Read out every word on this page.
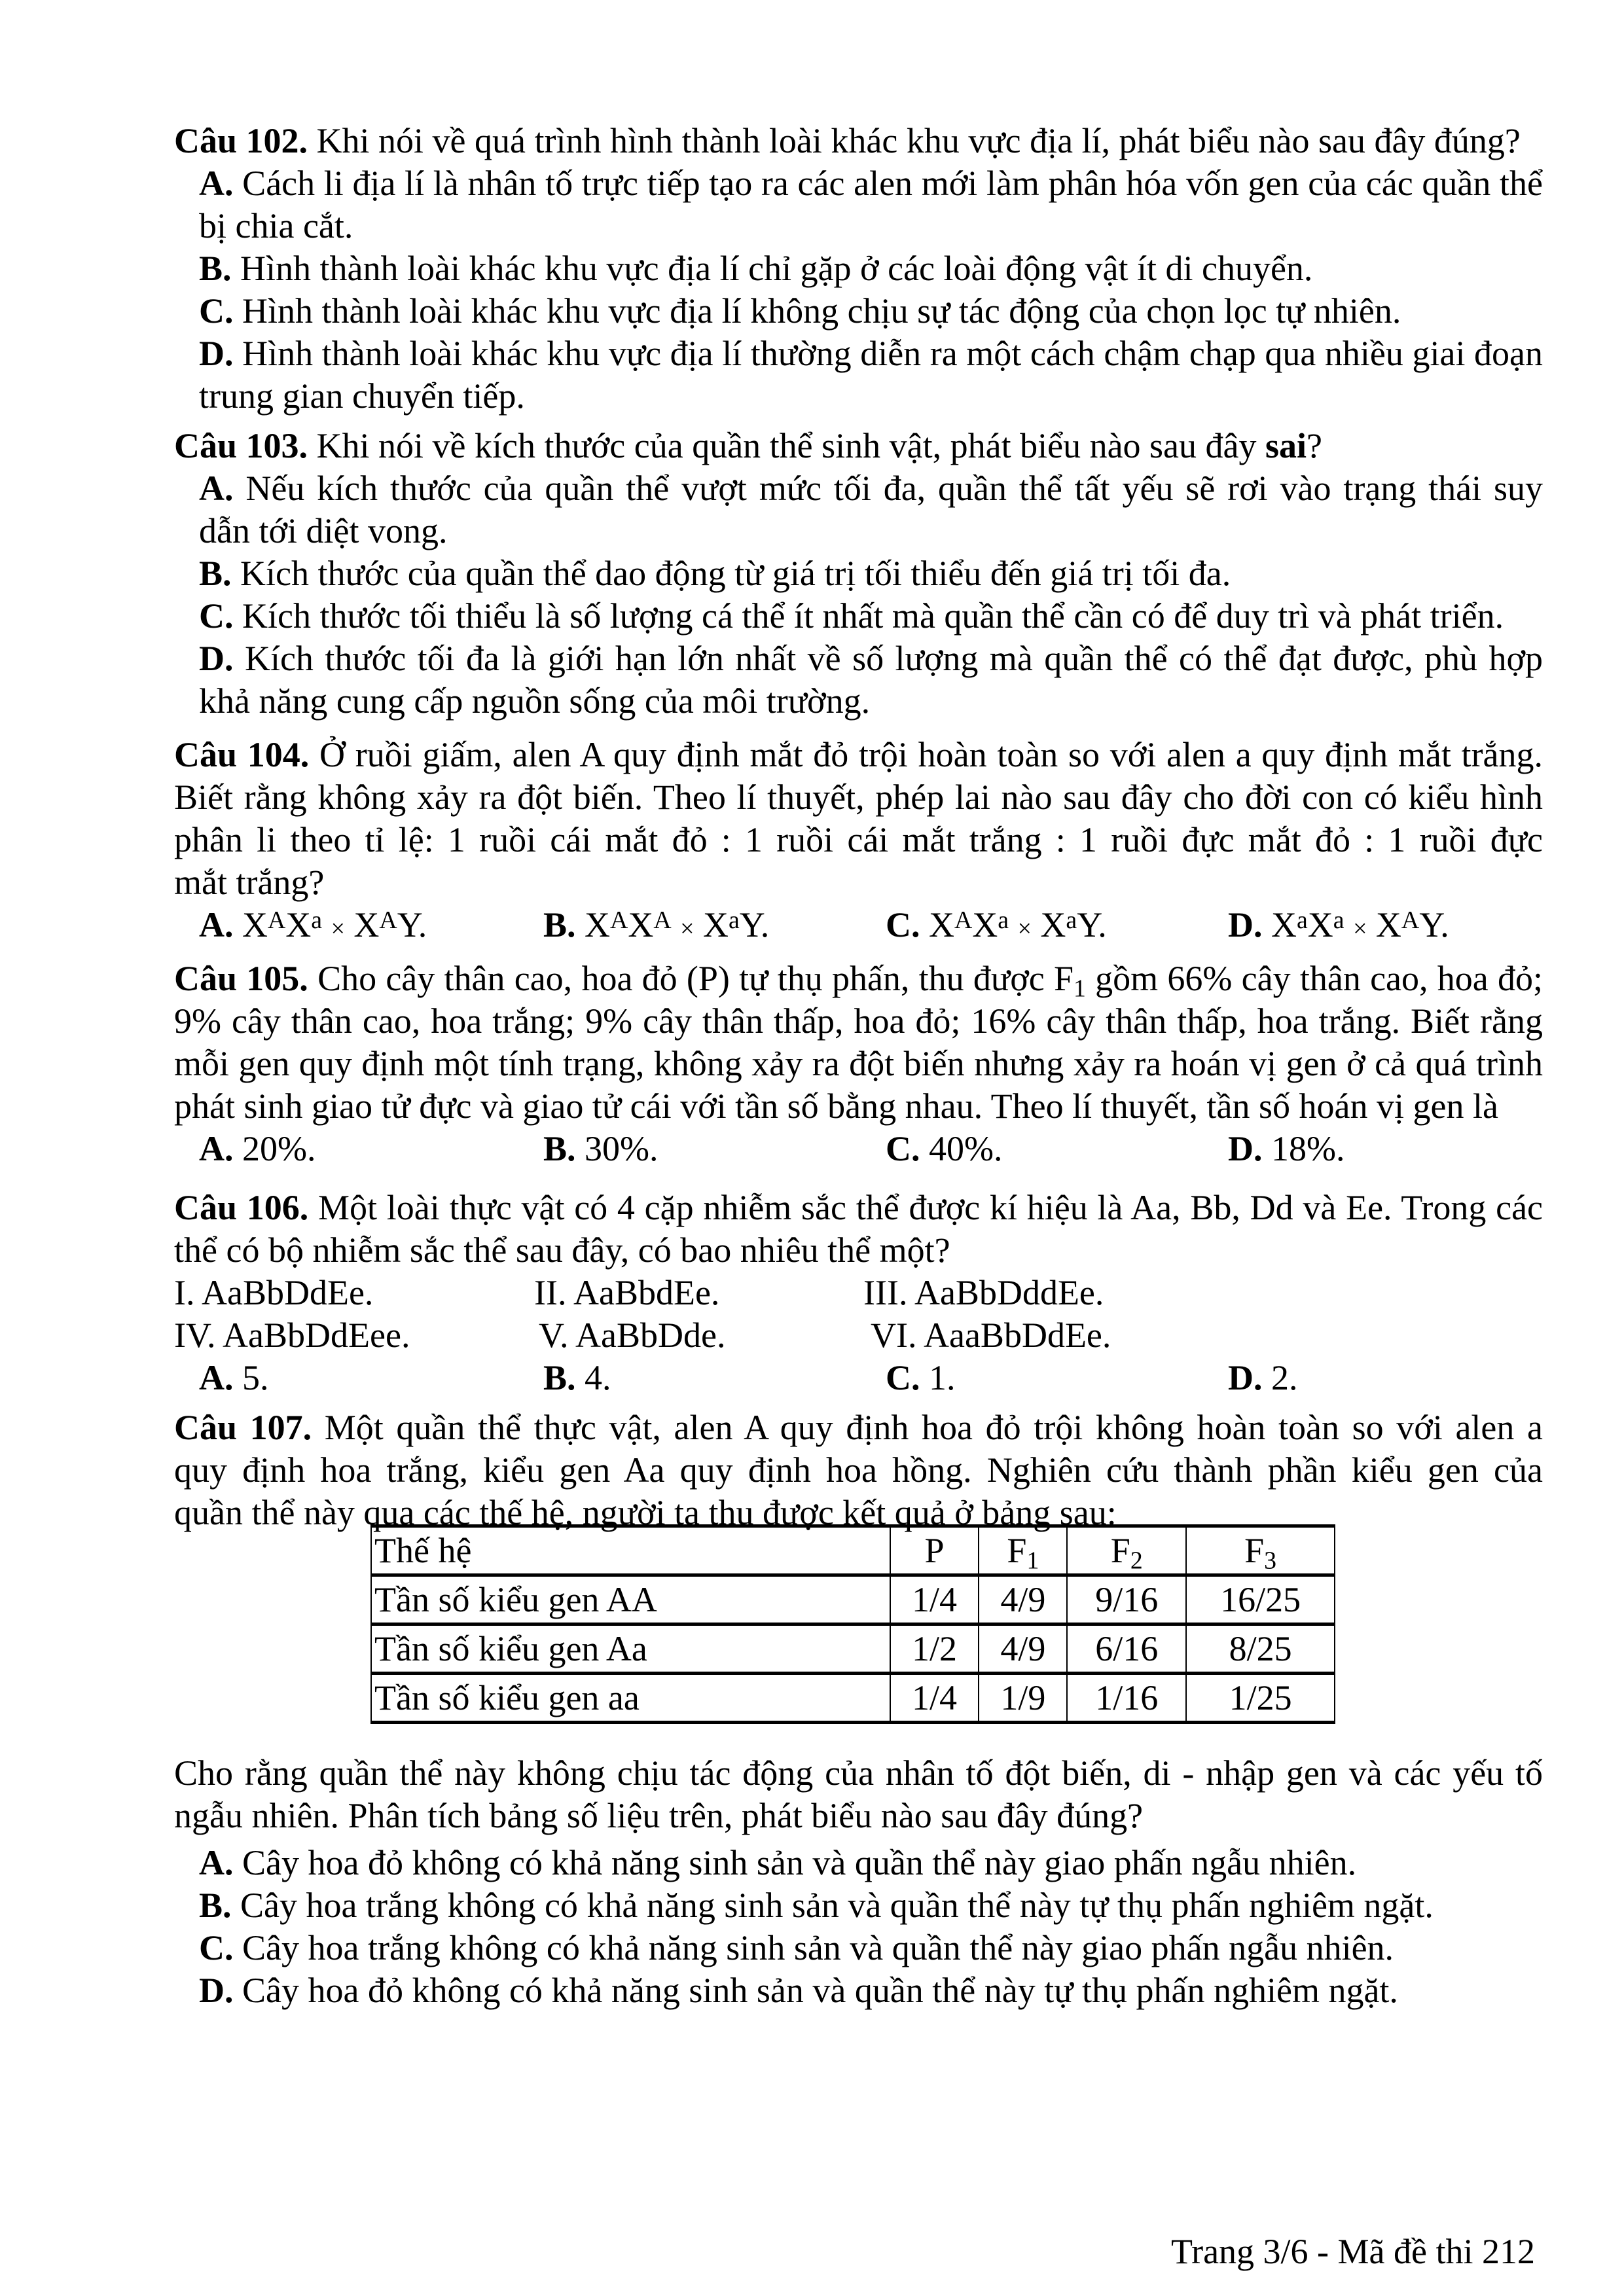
Câu 102. Khi nói về quá trình hình thành loài khác khu vực địa lí, phát biểu nào sau đây đúng?
A. Cách li địa lí là nhân tố trực tiếp tạo ra các alen mới làm phân hóa vốn gen của các quần thể
bị chia cắt.
B. Hình thành loài khác khu vực địa lí chỉ gặp ở các loài động vật ít di chuyển.
C. Hình thành loài khác khu vực địa lí không chịu sự tác động của chọn lọc tự nhiên.
D. Hình thành loài khác khu vực địa lí thường diễn ra một cách chậm chạp qua nhiều giai đoạn
trung gian chuyển tiếp.
Câu 103. Khi nói về kích thước của quần thể sinh vật, phát biểu nào sau đây sai?
A. Nếu kích thước của quần thể vượt mức tối đa, quần thể tất yếu sẽ rơi vào trạng thái suy
dẫn tới diệt vong.
B. Kích thước của quần thể dao động từ giá trị tối thiểu đến giá trị tối đa.
C. Kích thước tối thiểu là số lượng cá thể ít nhất mà quần thể cần có để duy trì và phát triển.
D. Kích thước tối đa là giới hạn lớn nhất về số lượng mà quần thể có thể đạt được, phù hợp
khả năng cung cấp nguồn sống của môi trường.
Câu 104. Ở ruồi giấm, alen A quy định mắt đỏ trội hoàn toàn so với alen a quy định mắt trắng.
Biết rằng không xảy ra đột biến. Theo lí thuyết, phép lai nào sau đây cho đời con có kiểu hình
phân li theo tỉ lệ: 1 ruồi cái mắt đỏ : 1 ruồi cái mắt trắng : 1 ruồi đực mắt đỏ : 1 ruồi đực
mắt trắng?
A. $X^AX^a \times X^AY$.	B. $X^AX^A \times X^aY$.	C. $X^AX^a \times X^aY$.	D. $X^aX^a \times X^AY$.
Câu 105. Cho cây thân cao, hoa đỏ (P) tự thụ phấn, thu được $F_1$ gồm 66% cây thân cao, hoa đỏ;
9% cây thân cao, hoa trắng; 9% cây thân thấp, hoa đỏ; 16% cây thân thấp, hoa trắng. Biết rằng
mỗi gen quy định một tính trạng, không xảy ra đột biến nhưng xảy ra hoán vị gen ở cả quá trình
phát sinh giao tử đực và giao tử cái với tần số bằng nhau. Theo lí thuyết, tần số hoán vị gen là
A. 20%.	B. 30%.	C. 40%.	D. 18%.
Câu 106. Một loài thực vật có 4 cặp nhiễm sắc thể được kí hiệu là Aa, Bb, Dd và Ee. Trong các
thể có bộ nhiễm sắc thể sau đây, có bao nhiêu thể một?
I. AaBbDdEe.	II. AaBbdEe.	III. AaBbDddEe.
IV. AaBbDdEee.	V. AaBbDde.	VI. AaaBbDdEe.
A. 5.	B. 4.	C. 1.	D. 2.
Câu 107. Một quần thể thực vật, alen A quy định hoa đỏ trội không hoàn toàn so với alen a
quy định hoa trắng, kiểu gen Aa quy định hoa hồng. Nghiên cứu thành phần kiểu gen của
quần thể này qua các thế hệ, người ta thu được kết quả ở bảng sau:
Thế hệ	P	$F_1$	$F_2$	$F_3$
Tần số kiểu gen AA	1/4	4/9	9/16	16/25
Tần số kiểu gen Aa	1/2	4/9	6/16	8/25
Tần số kiểu gen aa	1/4	1/9	1/16	1/25
Cho rằng quần thể này không chịu tác động của nhân tố đột biến, di - nhập gen và các yếu tố
ngẫu nhiên. Phân tích bảng số liệu trên, phát biểu nào sau đây đúng?
A. Cây hoa đỏ không có khả năng sinh sản và quần thể này giao phấn ngẫu nhiên.
B. Cây hoa trắng không có khả năng sinh sản và quần thể này tự thụ phấn nghiêm ngặt.
C. Cây hoa trắng không có khả năng sinh sản và quần thể này giao phấn ngẫu nhiên.
D. Cây hoa đỏ không có khả năng sinh sản và quần thể này tự thụ phấn nghiêm ngặt.
Trang 3/6 - Mã đề thi 212
